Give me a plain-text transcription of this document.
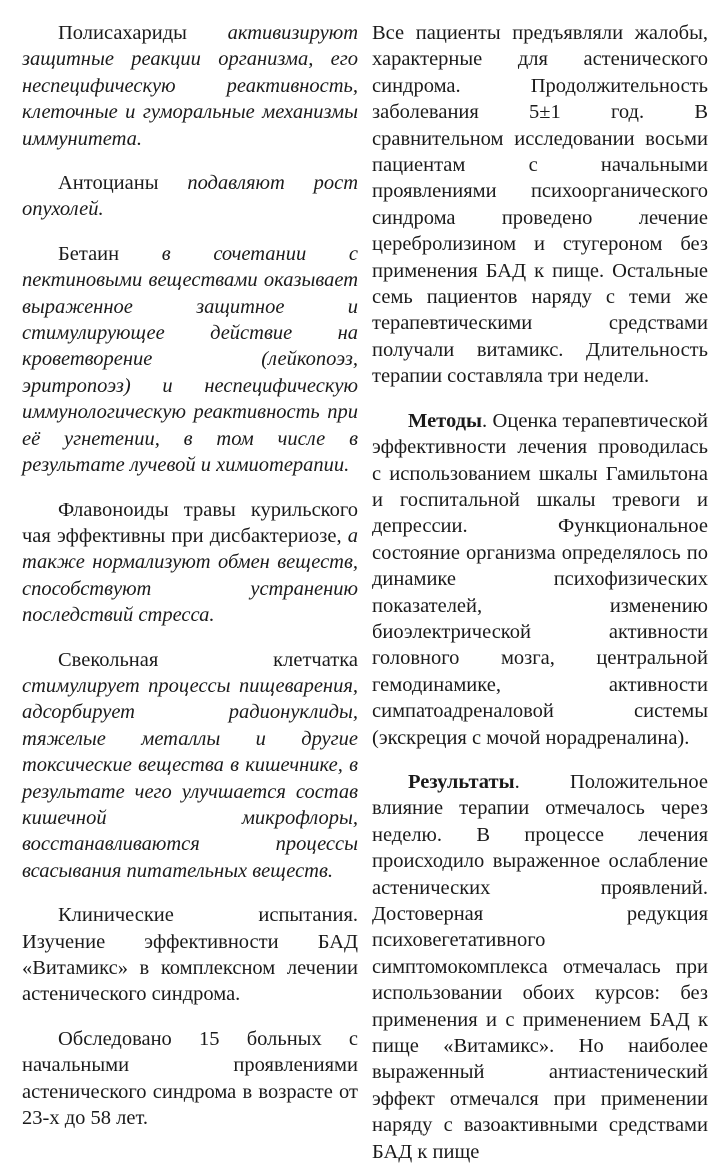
Полисахариды активизируют защитные реакции организма, его неспецифическую реактивность, клеточные и гуморальные механизмы иммунитета.

Антоцианы подавляют рост опухолей.

Бетаин в сочетании с пектиновыми веществами оказывает выраженное защитное и стимулирующее действие на кроветворение (лейкопоэз, эритропоэз) и неспецифическую иммунологическую реактивность при её угнетении, в том числе в результате лучевой и химиотерапии.

Флавоноиды травы курильского чая эффективны при дисбактериозе, а также нормализуют обмен веществ, способствуют устранению последствий стресса.

Свекольная клетчатка стимулирует процессы пищеварения, адсорбирует радионуклиды, тяжелые металлы и другие токсические вещества в кишечнике, в результате чего улучшается состав кишечной микрофлоры, восстанавливаются процессы всасывания питательных веществ.

Клинические испытания. Изучение эффективности БАД «Витамикс» в комплексном лечении астенического синдрома.

Обследовано 15 больных с начальными проявлениями астенического синдрома в возрасте от 23-х до 58 лет.

Все пациенты предъявляли жалобы, характерные для астенического синдрома. Продолжительность заболевания 5±1 год. В сравнительном исследовании восьми пациентам с начальными проявлениями психоорганического синдрома проведено лечение церебролизином и стугероном без применения БАД к пище. Остальные семь пациентов наряду с теми же терапевтическими средствами получали витамикс. Длительность терапии составляла три недели.

Методы. Оценка терапевтической эффективности лечения проводилась с использованием шкалы Гамильтона и госпитальной шкалы тревоги и депрессии. Функциональное состояние организма определялось по динамике психофизических показателей, изменению биоэлектрической активности головного мозга, центральной гемодинамике, активности симпатоадреналовой системы (экскреция с мочой норадреналина).

Результаты. Положительное влияние терапии отмечалось через неделю. В процессе лечения происходило выраженное ослабление астенических проявлений. Достоверная редукция психовегетативного симптомокомплекса отмечалась при использовании обоих курсов: без применения и с применением БАД к пище «Витамикс». Но наиболее выраженный антиастенический эффект отмечался при применении наряду с вазоактивными средствами БАД к пище
